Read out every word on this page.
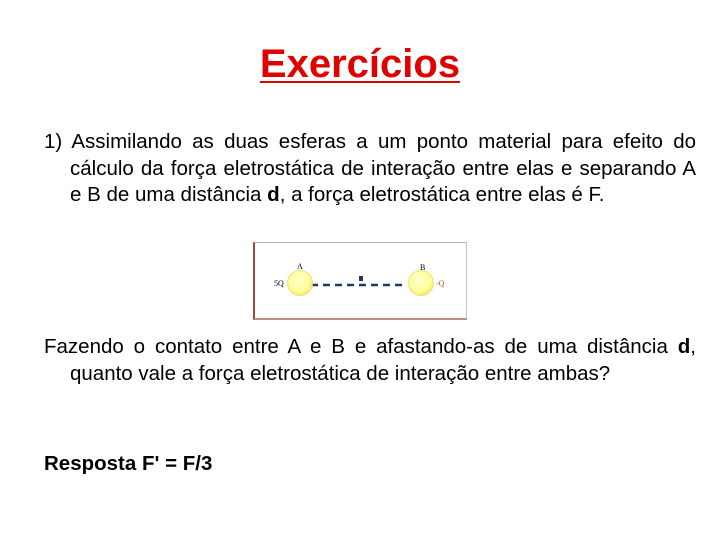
Exercícios

1) Assimilando as duas esferas a um ponto material para efeito do cálculo da força eletrostática de interação entre elas e separando A e B de uma distância d, a força eletrostática entre elas é F.

A	B
5Q	-Q

Fazendo o contato entre A e B e afastando-as de uma distância d, quanto vale a força eletrostática de interação entre ambas?

Resposta F' = F/3
